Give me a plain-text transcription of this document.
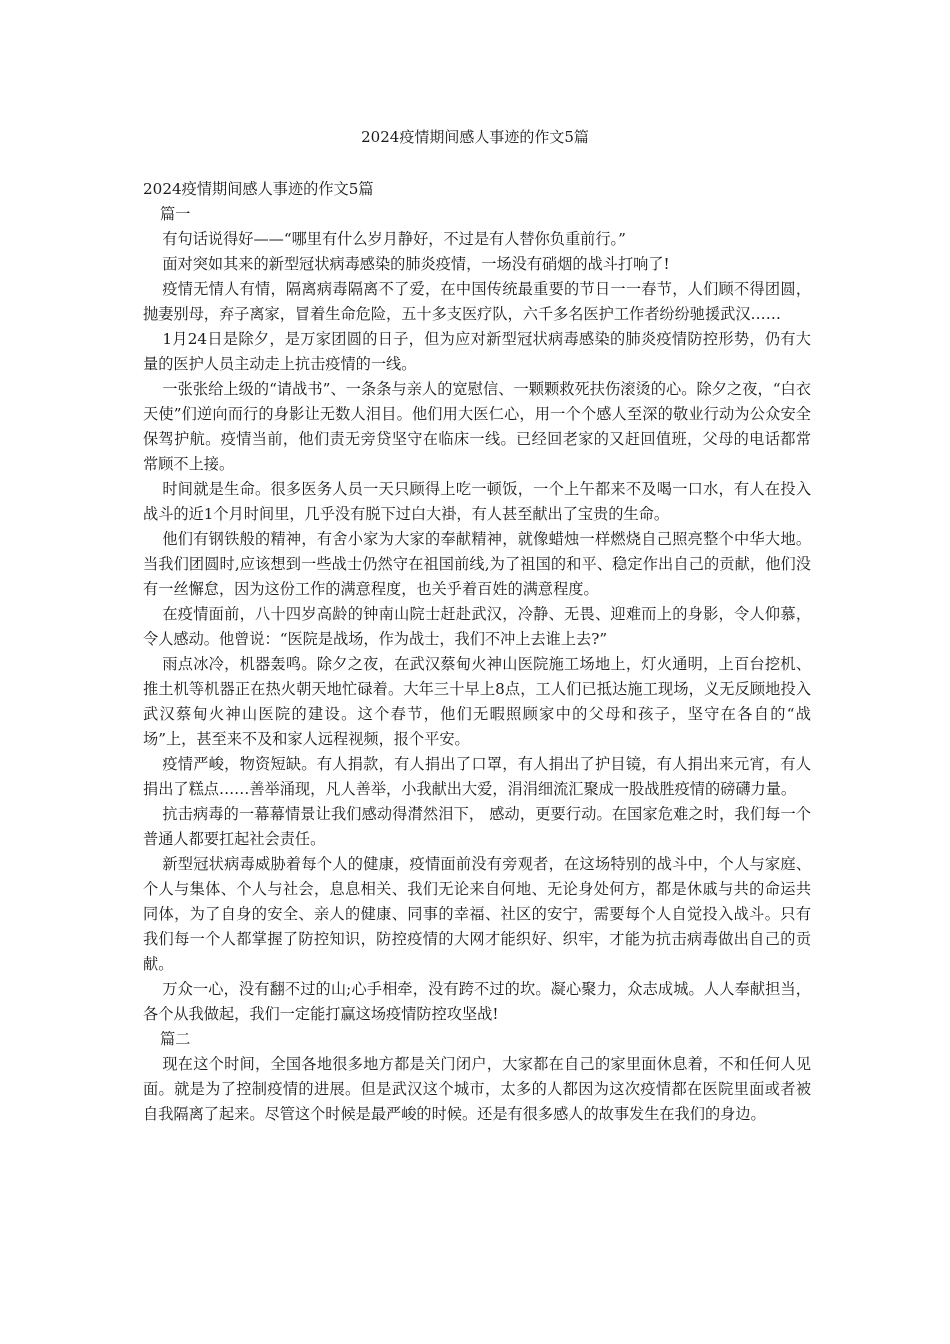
2024疫情期间感人事迹的作文5篇

2024疫情期间感人事迹的作文5篇

篇一

有句话说得好——“哪里有什么岁月静好，不过是有人替你负重前行。”

面对突如其来的新型冠状病毒感染的肺炎疫情，一场没有硝烟的战斗打响了!

疫情无情人有情，隔离病毒隔离不了爱，在中国传统最重要的节日一一春节，人们顾不得团圆，抛妻别母，弃子离家，冒着生命危险，五十多支医疗队，六千多名医护工作者纷纷驰援武汉……

1月24日是除夕，是万家团圆的日子，但为应对新型冠状病毒感染的肺炎疫情防控形势，仍有大量的医护人员主动走上抗击疫情的一线。

一张张给上级的“请战书”、一条条与亲人的宽慰信、一颗颗救死扶伤滚烫的心。除夕之夜，“白衣天使”们逆向而行的身影让无数人泪目。他们用大医仁心，用一个个感人至深的敬业行动为公众安全保驾护航。疫情当前，他们责无旁贷坚守在临床一线。已经回老家的又赶回值班，父母的电话都常常顾不上接。

时间就是生命。很多医务人员一天只顾得上吃一顿饭，一个上午都来不及喝一口水，有人在投入战斗的近1个月时间里，几乎没有脱下过白大褂，有人甚至献出了宝贵的生命。

他们有钢铁般的精神，有舍小家为大家的奉献精神，就像蜡烛一样燃烧自己照亮整个中华大地。当我们团圆时,应该想到一些战士仍然守在祖国前线,为了祖国的和平、稳定作出自己的贡献，他们没有一丝懈怠，因为这份工作的满意程度，也关乎着百姓的满意程度。

在疫情面前，八十四岁高龄的钟南山院士赶赴武汉，冷静、无畏、迎难而上的身影，令人仰慕，令人感动。他曾说：“医院是战场，作为战士，我们不冲上去谁上去?”

雨点冰冷，机器轰鸣。除夕之夜，在武汉蔡甸火神山医院施工场地上，灯火通明，上百台挖机、推土机等机器正在热火朝天地忙碌着。大年三十早上8点，工人们已抵达施工现场，义无反顾地投入武汉蔡甸火神山医院的建设。这个春节，他们无暇照顾家中的父母和孩子，坚守在各自的“战场”上，甚至来不及和家人远程视频，报个平安。

疫情严峻，物资短缺。有人捐款，有人捐出了口罩，有人捐出了护目镜，有人捐出来元宵，有人捐出了糕点……善举涌现，凡人善举，小我献出大爱，涓涓细流汇聚成一股战胜疫情的磅礴力量。

抗击病毒的一幕幕情景让我们感动得潸然泪下， 感动，更要行动。在国家危难之时，我们每一个普通人都要扛起社会责任。

新型冠状病毒威胁着每个人的健康，疫情面前没有旁观者，在这场特别的战斗中，个人与家庭、个人与集体、个人与社会，息息相关、我们无论来自何地、无论身处何方，都是休戚与共的命运共同体，为了自身的安全、亲人的健康、同事的幸福、社区的安宁，需要每个人自觉投入战斗。只有我们每一个人都掌握了防控知识，防控疫情的大网才能织好、织牢，才能为抗击病毒做出自己的贡献。

万众一心，没有翻不过的山;心手相牵，没有跨不过的坎。凝心聚力，众志成城。人人奉献担当，各个从我做起，我们一定能打赢这场疫情防控攻坚战!

篇二

现在这个时间，全国各地很多地方都是关门闭户，大家都在自己的家里面休息着，不和任何人见面。就是为了控制疫情的进展。但是武汉这个城市，太多的人都因为这次疫情都在医院里面或者被自我隔离了起来。尽管这个时候是最严峻的时候。还是有很多感人的故事发生在我们的身边。
